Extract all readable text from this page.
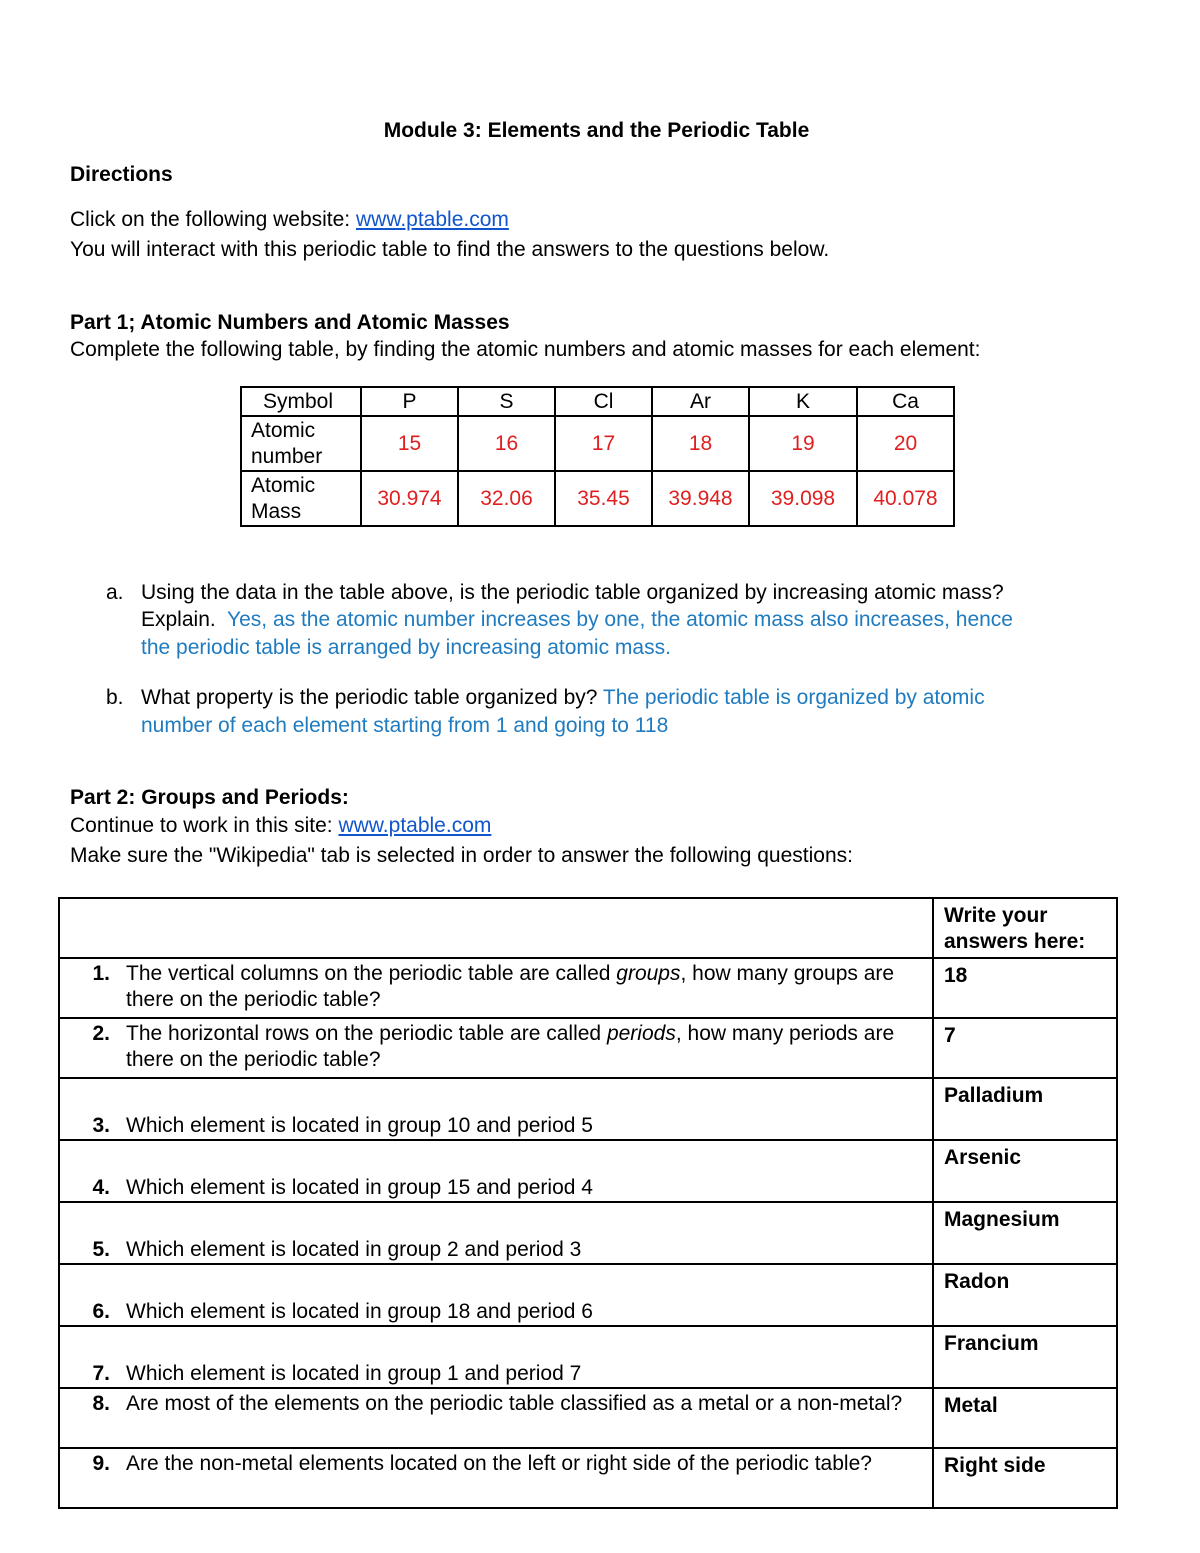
Module 3: Elements and the Periodic Table
Directions
Click on the following website: www.ptable.com
You will interact with this periodic table to find the answers to the questions below.
Part 1; Atomic Numbers and Atomic Masses
Complete the following table, by finding the atomic numbers and atomic masses for each element:
Symbol	P	S	Cl	Ar	K	Ca
Atomic
number	15	16	17	18	19	20
Atomic
Mass	30.974	32.06	35.45	39.948	39.098	40.078
a. Using the data in the table above, is the periodic table organized by increasing atomic mass?
Explain. Yes, as the atomic number increases by one, the atomic mass also increases, hence
the periodic table is arranged by increasing atomic mass.
b. What property is the periodic table organized by? The periodic table is organized by atomic
number of each element starting from 1 and going to 118
Part 2: Groups and Periods:
Continue to work in this site: www.ptable.com
Make sure the "Wikipedia" tab is selected in order to answer the following questions:
	Write your
answers here:

1. The vertical columns on the periodic table are called groups, how many groups are there on the periodic table?	18

2. The horizontal rows on the periodic table are called periods, how many periods are there on the periodic table?	7

3. Which element is located in group 10 and period 5	Palladium

4. Which element is located in group 15 and period 4	Arsenic

5. Which element is located in group 2 and period 3	Magnesium

6. Which element is located in group 18 and period 6	Radon

7. Which element is located in group 1 and period 7	Francium

8. Are most of the elements on the periodic table classified as a metal or a non-metal?	Metal

9. Are the non-metal elements located on the left or right side of the periodic table?	Right side
